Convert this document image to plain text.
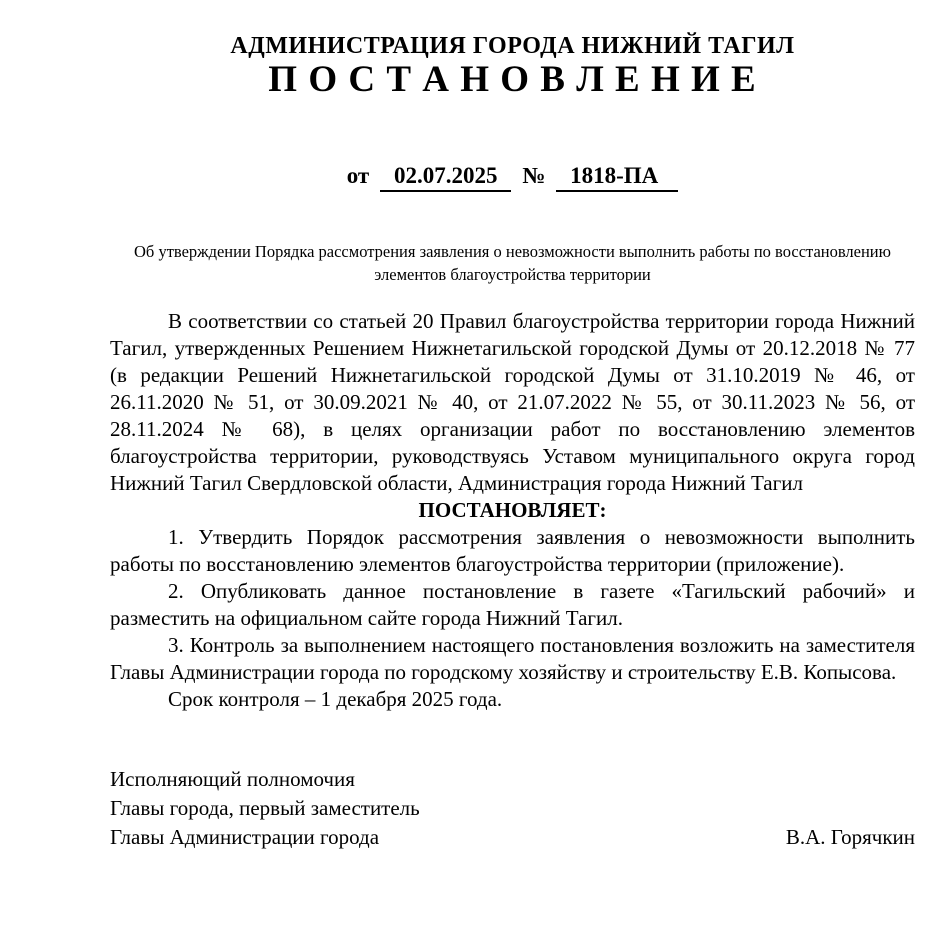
АДМИНИСТРАЦИЯ ГОРОДА НИЖНИЙ ТАГИЛ
П О С Т А Н О В Л Е Н И Е
от 02.07.2025 № 1818-ПА
Об утверждении Порядка рассмотрения заявления о невозможности выполнить работы по восстановлению элементов благоустройства территории

В соответствии со статьей 20 Правил благоустройства территории города Нижний Тагил, утвержденных Решением Нижнетагильской городской Думы от 20.12.2018 № 77 (в редакции Решений Нижнетагильской городской Думы от 31.10.2019 № 46, от 26.11.2020 № 51, от 30.09.2021 № 40, от 21.07.2022 № 55, от 30.11.2023 № 56, от 28.11.2024 № 68), в целях организации работ по восстановлению элементов благоустройства территории, руководствуясь Уставом муниципального округа город Нижний Тагил Свердловской области, Администрация города Нижний Тагил

ПОСТАНОВЛЯЕТ:

1. Утвердить Порядок рассмотрения заявления о невозможности выполнить работы по восстановлению элементов благоустройства территории (приложение).

2. Опубликовать данное постановление в газете «Тагильский рабочий» и разместить на официальном сайте города Нижний Тагил.

3. Контроль за выполнением настоящего постановления возложить на заместителя Главы Администрации города по городскому хозяйству и строительству Е.В. Копысова.

Срок контроля – 1 декабря 2025 года.

Исполняющий полномочия
Главы города, первый заместитель
Главы Администрации города	В.А. Горячкин
